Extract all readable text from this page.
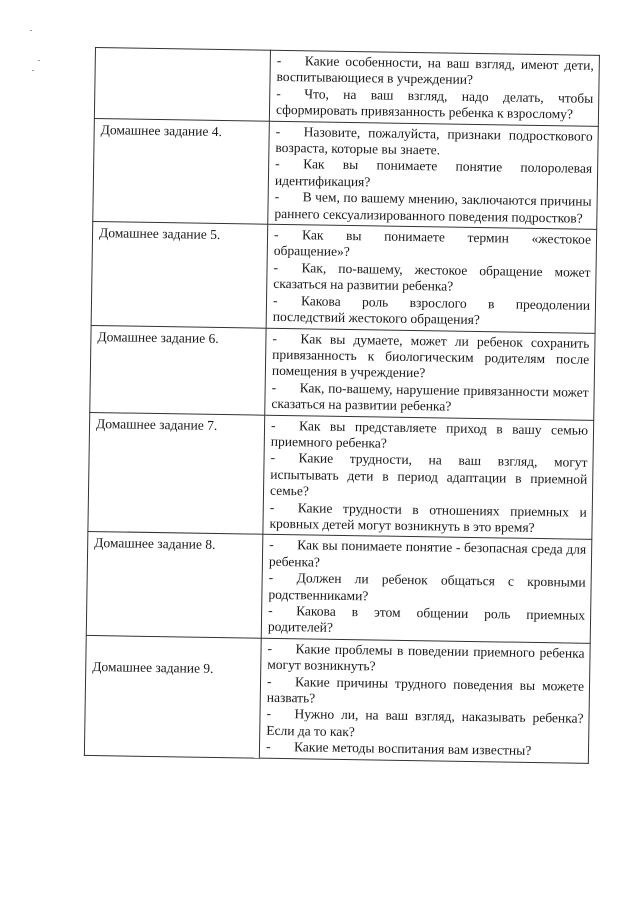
	- Какие особенности, на ваш взгляд, имеют дети, воспитывающиеся в учреждении?
- Что, на ваш взгляд, надо делать, чтобы сформировать привязанность ребенка к взрослому?

Домашнее задание 4.	- Назовите, пожалуйста, признаки подросткового возраста, которые вы знаете.
- Как вы понимаете понятие полоролевая идентификация?
- В чем, по вашему мнению, заключаются причины раннего сексуализированного поведения подростков?

Домашнее задание 5.	- Как вы понимаете термин «жестокое обращение»?
- Как, по-вашему, жестокое обращение может сказаться на развитии ребенка?
- Какова роль взрослого в преодолении последствий жестокого обращения?

Домашнее задание 6.	- Как вы думаете, может ли ребенок сохранить привязанность к биологическим родителям после помещения в учреждение?
- Как, по-вашему, нарушение привязанности может сказаться на развитии ребенка?

Домашнее задание 7.	- Как вы представляете приход в вашу семью приемного ребенка?
- Какие трудности, на ваш взгляд, могут испытывать дети в период адаптации в приемной семье?
- Какие трудности в отношениях приемных и кровных детей могут возникнуть в это время?

Домашнее задание 8.	- Как вы понимаете понятие - безопасная среда для ребенка?
- Должен ли ребенок общаться с кровными родственниками?
- Какова в этом общении роль приемных родителей?

Домашнее задание 9.	- Какие проблемы в поведении приемного ребенка могут возникнуть?
- Какие причины трудного поведения вы можете назвать?
- Нужно ли, на ваш взгляд, наказывать ребенка? Если да то как?
- Какие методы воспитания вам известны?
